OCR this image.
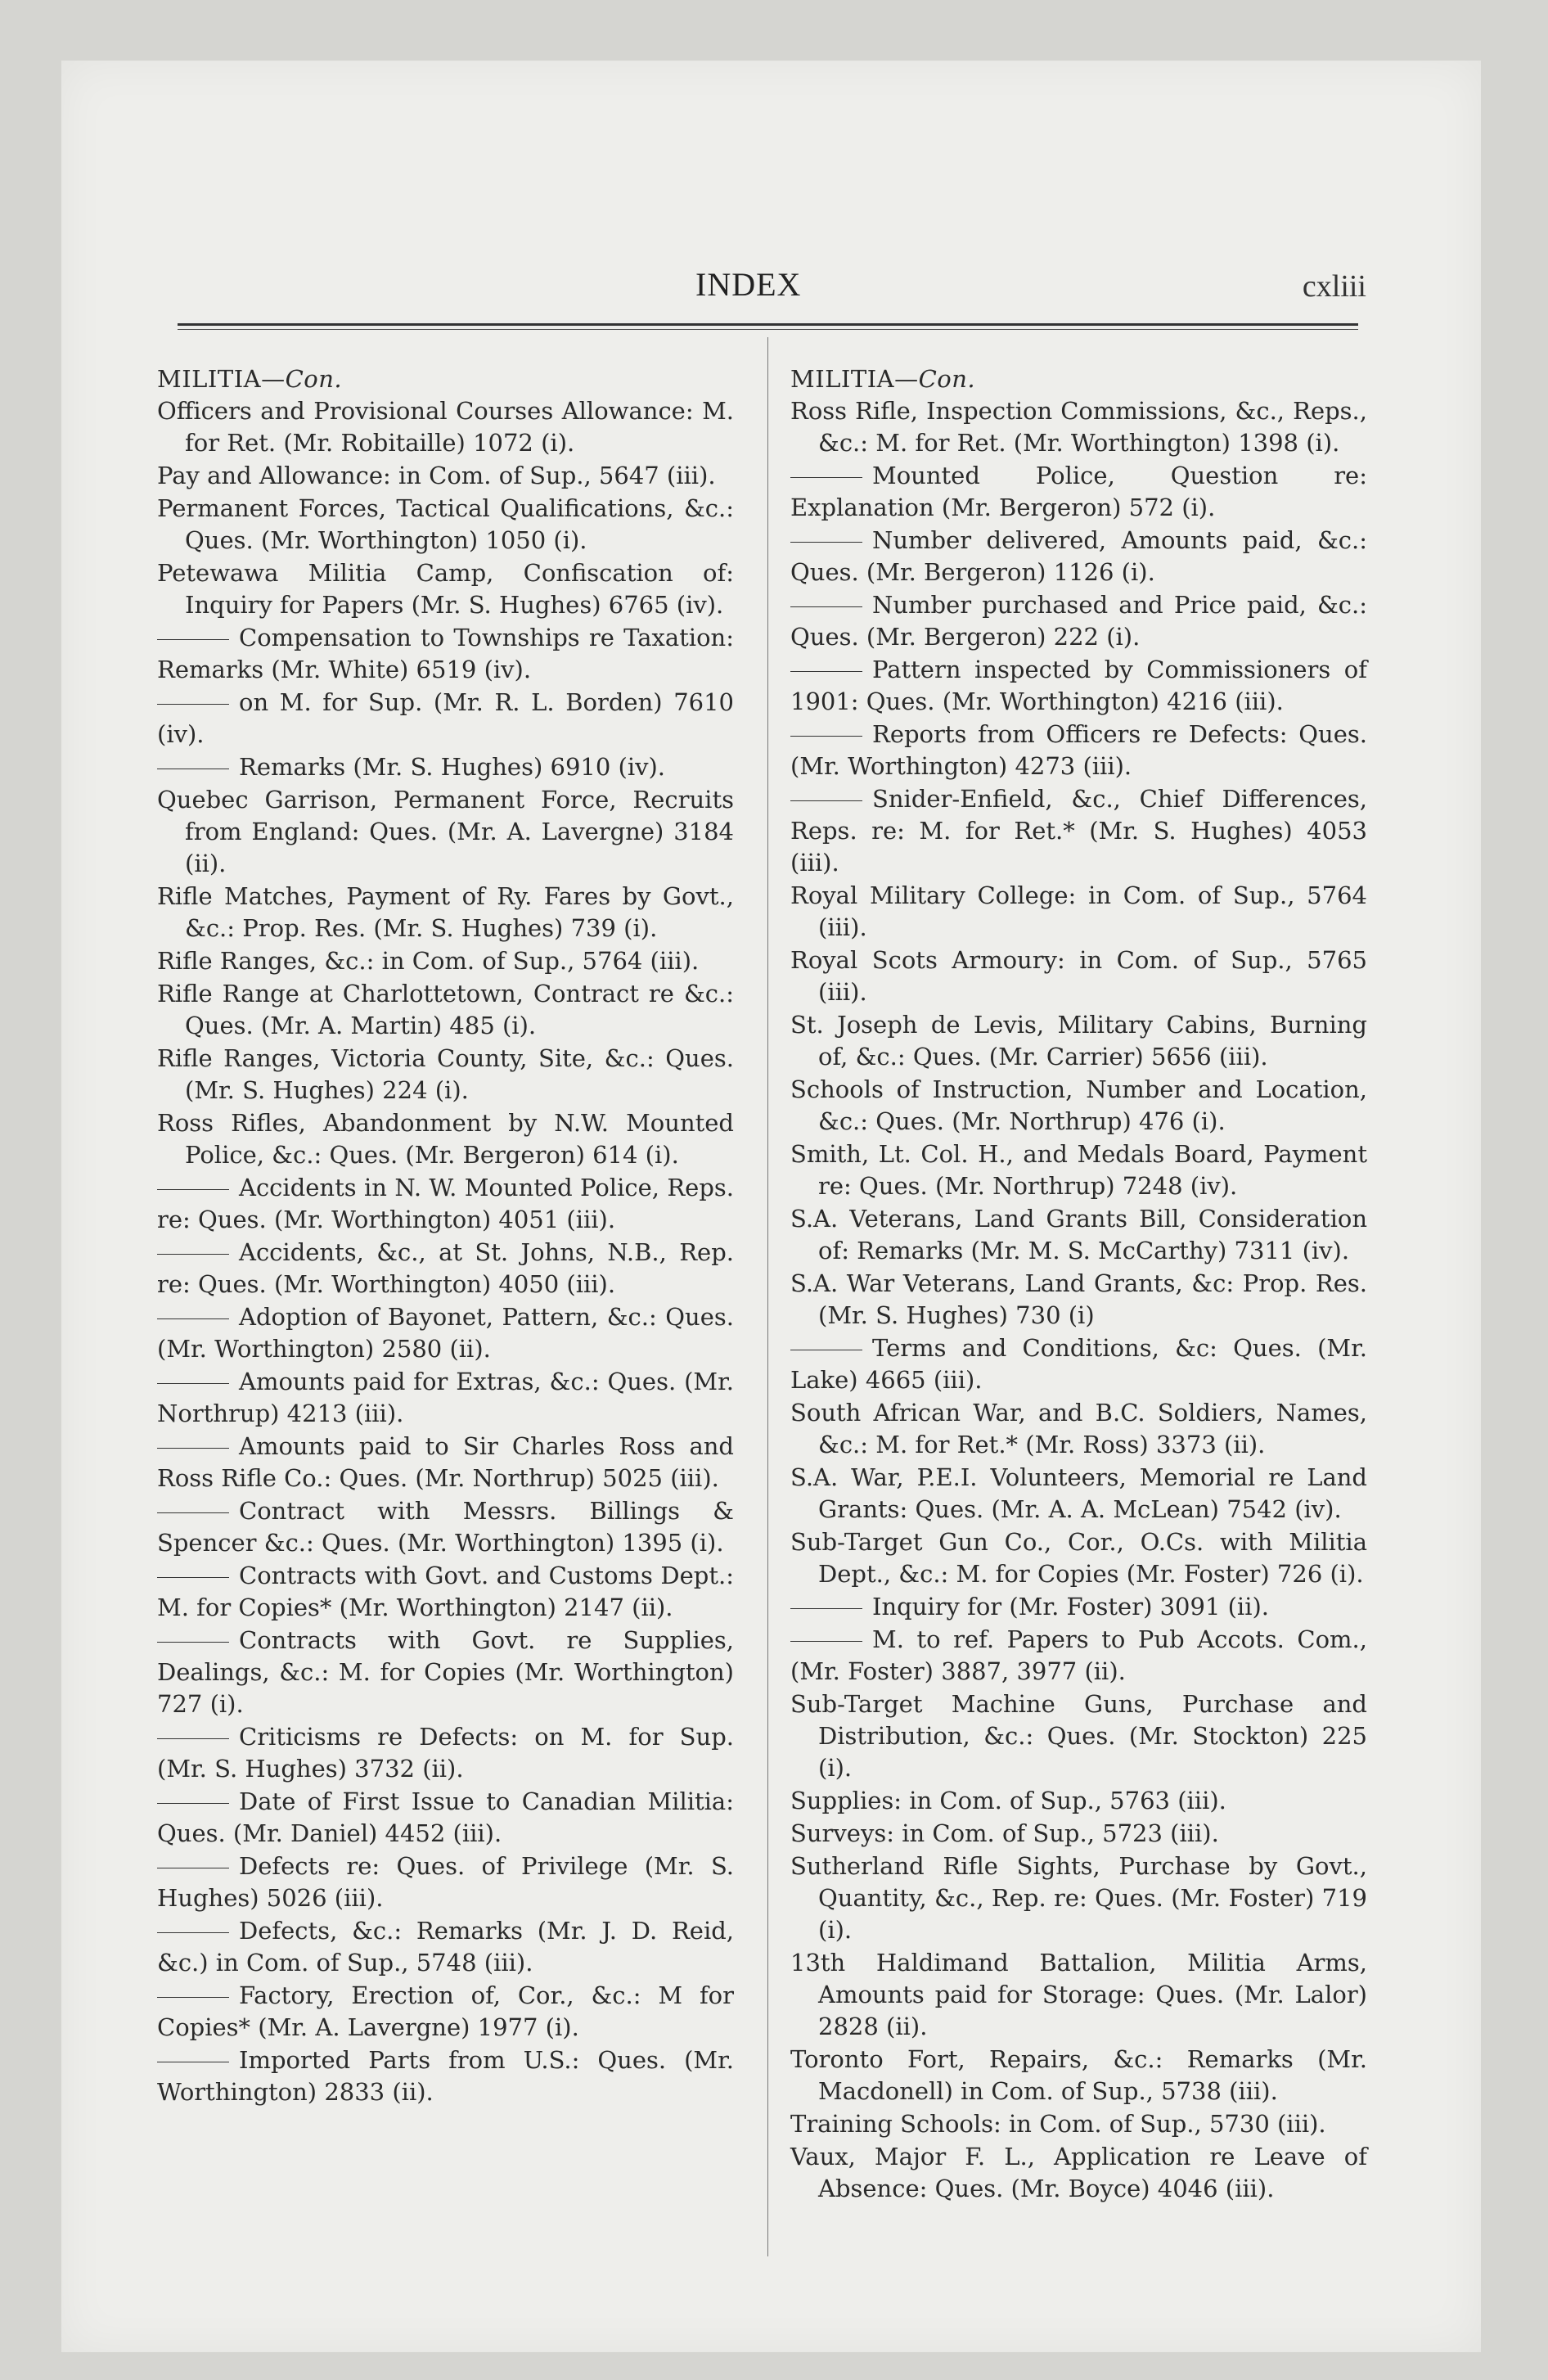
INDEX	cxliii
MILITIA—Con.

Officers and Provisional Courses Allowance: M. for Ret. (Mr. Robitaille) 1072 (i).

Pay and Allowance: in Com. of Sup., 5647 (iii).

Permanent Forces, Tactical Qualifications, &c.: Ques. (Mr. Worthington) 1050 (i).

Petewawa Militia Camp, Confiscation of: Inquiry for Papers (Mr. S. Hughes) 6765 (iv).

Compensation to Townships re Taxation: Remarks (Mr. White) 6519 (iv).

on M. for Sup. (Mr. R. L. Borden) 7610 (iv).

Remarks (Mr. S. Hughes) 6910 (iv).

Quebec Garrison, Permanent Force, Recruits from England: Ques. (Mr. A. Lavergne) 3184 (ii).

Rifle Matches, Payment of Ry. Fares by Govt., &c.: Prop. Res. (Mr. S. Hughes) 739 (i).

Rifle Ranges, &c.: in Com. of Sup., 5764 (iii).

Rifle Range at Charlottetown, Contract re &c.: Ques. (Mr. A. Martin) 485 (i).

Rifle Ranges, Victoria County, Site, &c.: Ques. (Mr. S. Hughes) 224 (i).

Ross Rifles, Abandonment by N.W. Mounted Police, &c.: Ques. (Mr. Bergeron) 614 (i).

Accidents in N. W. Mounted Police, Reps. re: Ques. (Mr. Worthington) 4051 (iii).

Accidents, &c., at St. Johns, N.B., Rep. re: Ques. (Mr. Worthington) 4050 (iii).

Adoption of Bayonet, Pattern, &c.: Ques. (Mr. Worthington) 2580 (ii).

Amounts paid for Extras, &c.: Ques. (Mr. Northrup) 4213 (iii).

Amounts paid to Sir Charles Ross and Ross Rifle Co.: Ques. (Mr. Northrup) 5025 (iii).

Contract with Messrs. Billings & Spencer &c.: Ques. (Mr. Worthington) 1395 (i).

Contracts with Govt. and Customs Dept.: M. for Copies* (Mr. Worthington) 2147 (ii).

Contracts with Govt. re Supplies, Dealings, &c.: M. for Copies (Mr. Worthington) 727 (i).

Criticisms re Defects: on M. for Sup. (Mr. S. Hughes) 3732 (ii).

Date of First Issue to Canadian Militia: Ques. (Mr. Daniel) 4452 (iii).

Defects re: Ques. of Privilege (Mr. S. Hughes) 5026 (iii).

Defects, &c.: Remarks (Mr. J. D. Reid, &c.) in Com. of Sup., 5748 (iii).

Factory, Erection of, Cor., &c.: M for Copies* (Mr. A. Lavergne) 1977 (i).

Imported Parts from U.S.: Ques. (Mr. Worthington) 2833 (ii).

MILITIA—Con.

Ross Rifle, Inspection Commissions, &c., Reps., &c.: M. for Ret. (Mr. Worthington) 1398 (i).

Mounted Police, Question re: Explanation (Mr. Bergeron) 572 (i).

Number delivered, Amounts paid, &c.: Ques. (Mr. Bergeron) 1126 (i).

Number purchased and Price paid, &c.: Ques. (Mr. Bergeron) 222 (i).

Pattern inspected by Commissioners of 1901: Ques. (Mr. Worthington) 4216 (iii).

Reports from Officers re Defects: Ques. (Mr. Worthington) 4273 (iii).

Snider-Enfield, &c., Chief Differences, Reps. re: M. for Ret.* (Mr. S. Hughes) 4053 (iii).

Royal Military College: in Com. of Sup., 5764 (iii).

Royal Scots Armoury: in Com. of Sup., 5765 (iii).

St. Joseph de Levis, Military Cabins, Burning of, &c.: Ques. (Mr. Carrier) 5656 (iii).

Schools of Instruction, Number and Location, &c.: Ques. (Mr. Northrup) 476 (i).

Smith, Lt. Col. H., and Medals Board, Payment re: Ques. (Mr. Northrup) 7248 (iv).

S.A. Veterans, Land Grants Bill, Consideration of: Remarks (Mr. M. S. McCarthy) 7311 (iv).

S.A. War Veterans, Land Grants, &c: Prop. Res. (Mr. S. Hughes) 730 (i)

Terms and Conditions, &c: Ques. (Mr. Lake) 4665 (iii).

South African War, and B.C. Soldiers, Names, &c.: M. for Ret.* (Mr. Ross) 3373 (ii).

S.A. War, P.E.I. Volunteers, Memorial re Land Grants: Ques. (Mr. A. A. McLean) 7542 (iv).

Sub-Target Gun Co., Cor., O.Cs. with Militia Dept., &c.: M. for Copies (Mr. Foster) 726 (i).

Inquiry for (Mr. Foster) 3091 (ii).

M. to ref. Papers to Pub Accots. Com., (Mr. Foster) 3887, 3977 (ii).

Sub-Target Machine Guns, Purchase and Distribution, &c.: Ques. (Mr. Stockton) 225 (i).

Supplies: in Com. of Sup., 5763 (iii).

Surveys: in Com. of Sup., 5723 (iii).

Sutherland Rifle Sights, Purchase by Govt., Quantity, &c., Rep. re: Ques. (Mr. Foster) 719 (i).

13th Haldimand Battalion, Militia Arms, Amounts paid for Storage: Ques. (Mr. Lalor) 2828 (ii).

Toronto Fort, Repairs, &c.: Remarks (Mr. Macdonell) in Com. of Sup., 5738 (iii).

Training Schools: in Com. of Sup., 5730 (iii).

Vaux, Major F. L., Application re Leave of Absence: Ques. (Mr. Boyce) 4046 (iii).
